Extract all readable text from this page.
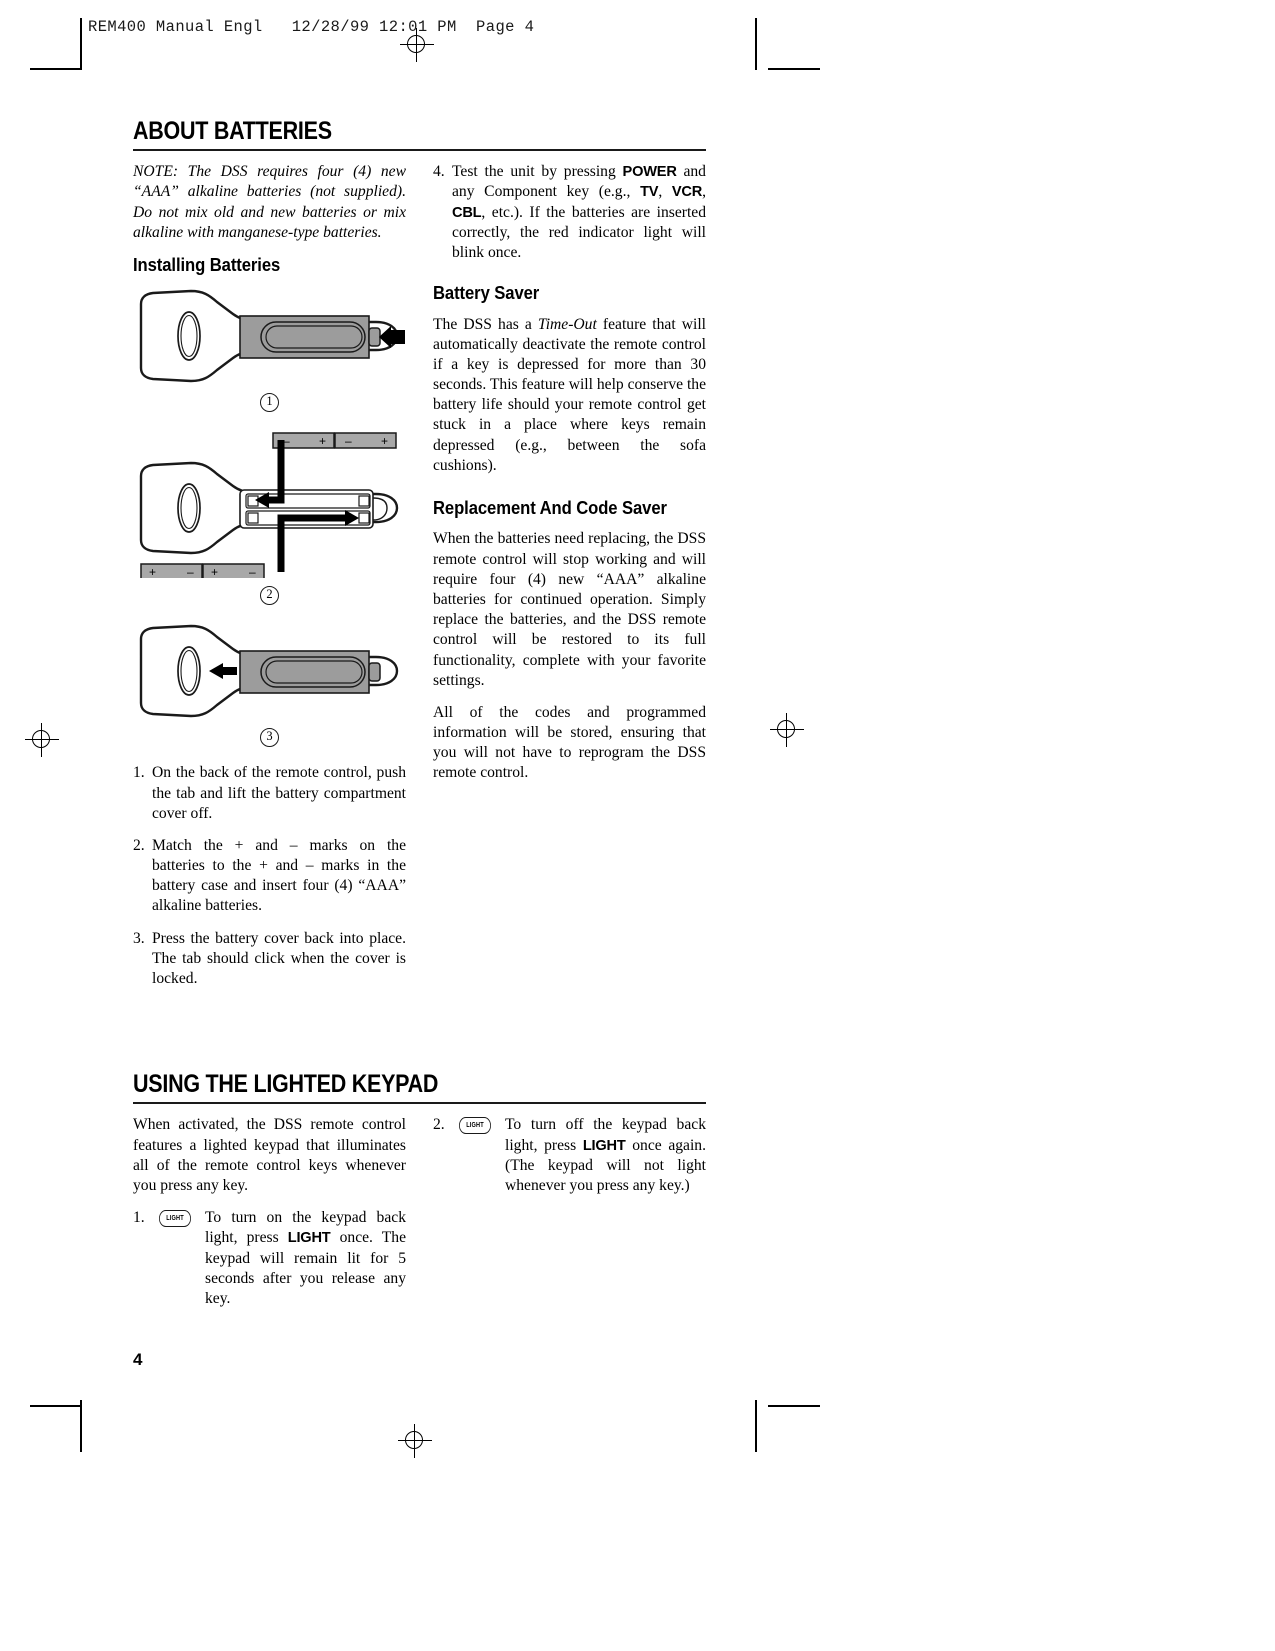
REM400 Manual Engl   12/28/99 12:01 PM  Page 4
ABOUT BATTERIES

NOTE: The DSS requires four (4) new “AAA” alkaline batteries (not supplied). Do not mix old and new batteries or mix alkaline with manganese-type batteries.

Installing Batteries
1
– + – +
+	– +	–
2
3
1. On the back of the remote control, push the tab and lift the battery compartment cover off.
2. Match the + and – marks on the batteries to the + and – marks in the battery case and insert four (4) “AAA” alkaline batteries.
3. Press the battery cover back into place. The tab should click when the cover is locked.
4. Test the unit by pressing POWER and any Component key (e.g., TV, VCR, CBL, etc.). If the batteries are inserted correctly, the red indicator light will blink once.
Battery Saver

The DSS has a Time-Out feature that will automatically deactivate the remote control if a key is depressed for more than 30 seconds. This feature will help conserve the battery life should your remote control get stuck in a place where keys remain depressed (e.g., between the sofa cushions).

Replacement And Code Saver

When the batteries need replacing, the DSS remote control will stop working and will require four (4) new “AAA” alkaline batteries for continued operation. Simply replace the batteries, and the DSS remote control will be restored to its full functionality, complete with your favorite settings.

All of the codes and programmed information will be stored, ensuring that you will not have to reprogram the DSS remote control.

USING THE LIGHTED KEYPAD

When activated, the DSS remote control features a lighted keypad that illuminates all of the remote control keys whenever you press any key.

1.	LIGHT	To turn on the keypad back light, press LIGHT once. The keypad will remain lit for 5 seconds after you release any key.
2.	LIGHT	To turn off the keypad back light, press LIGHT once again. (The keypad will not light whenever you press any key.)
4
